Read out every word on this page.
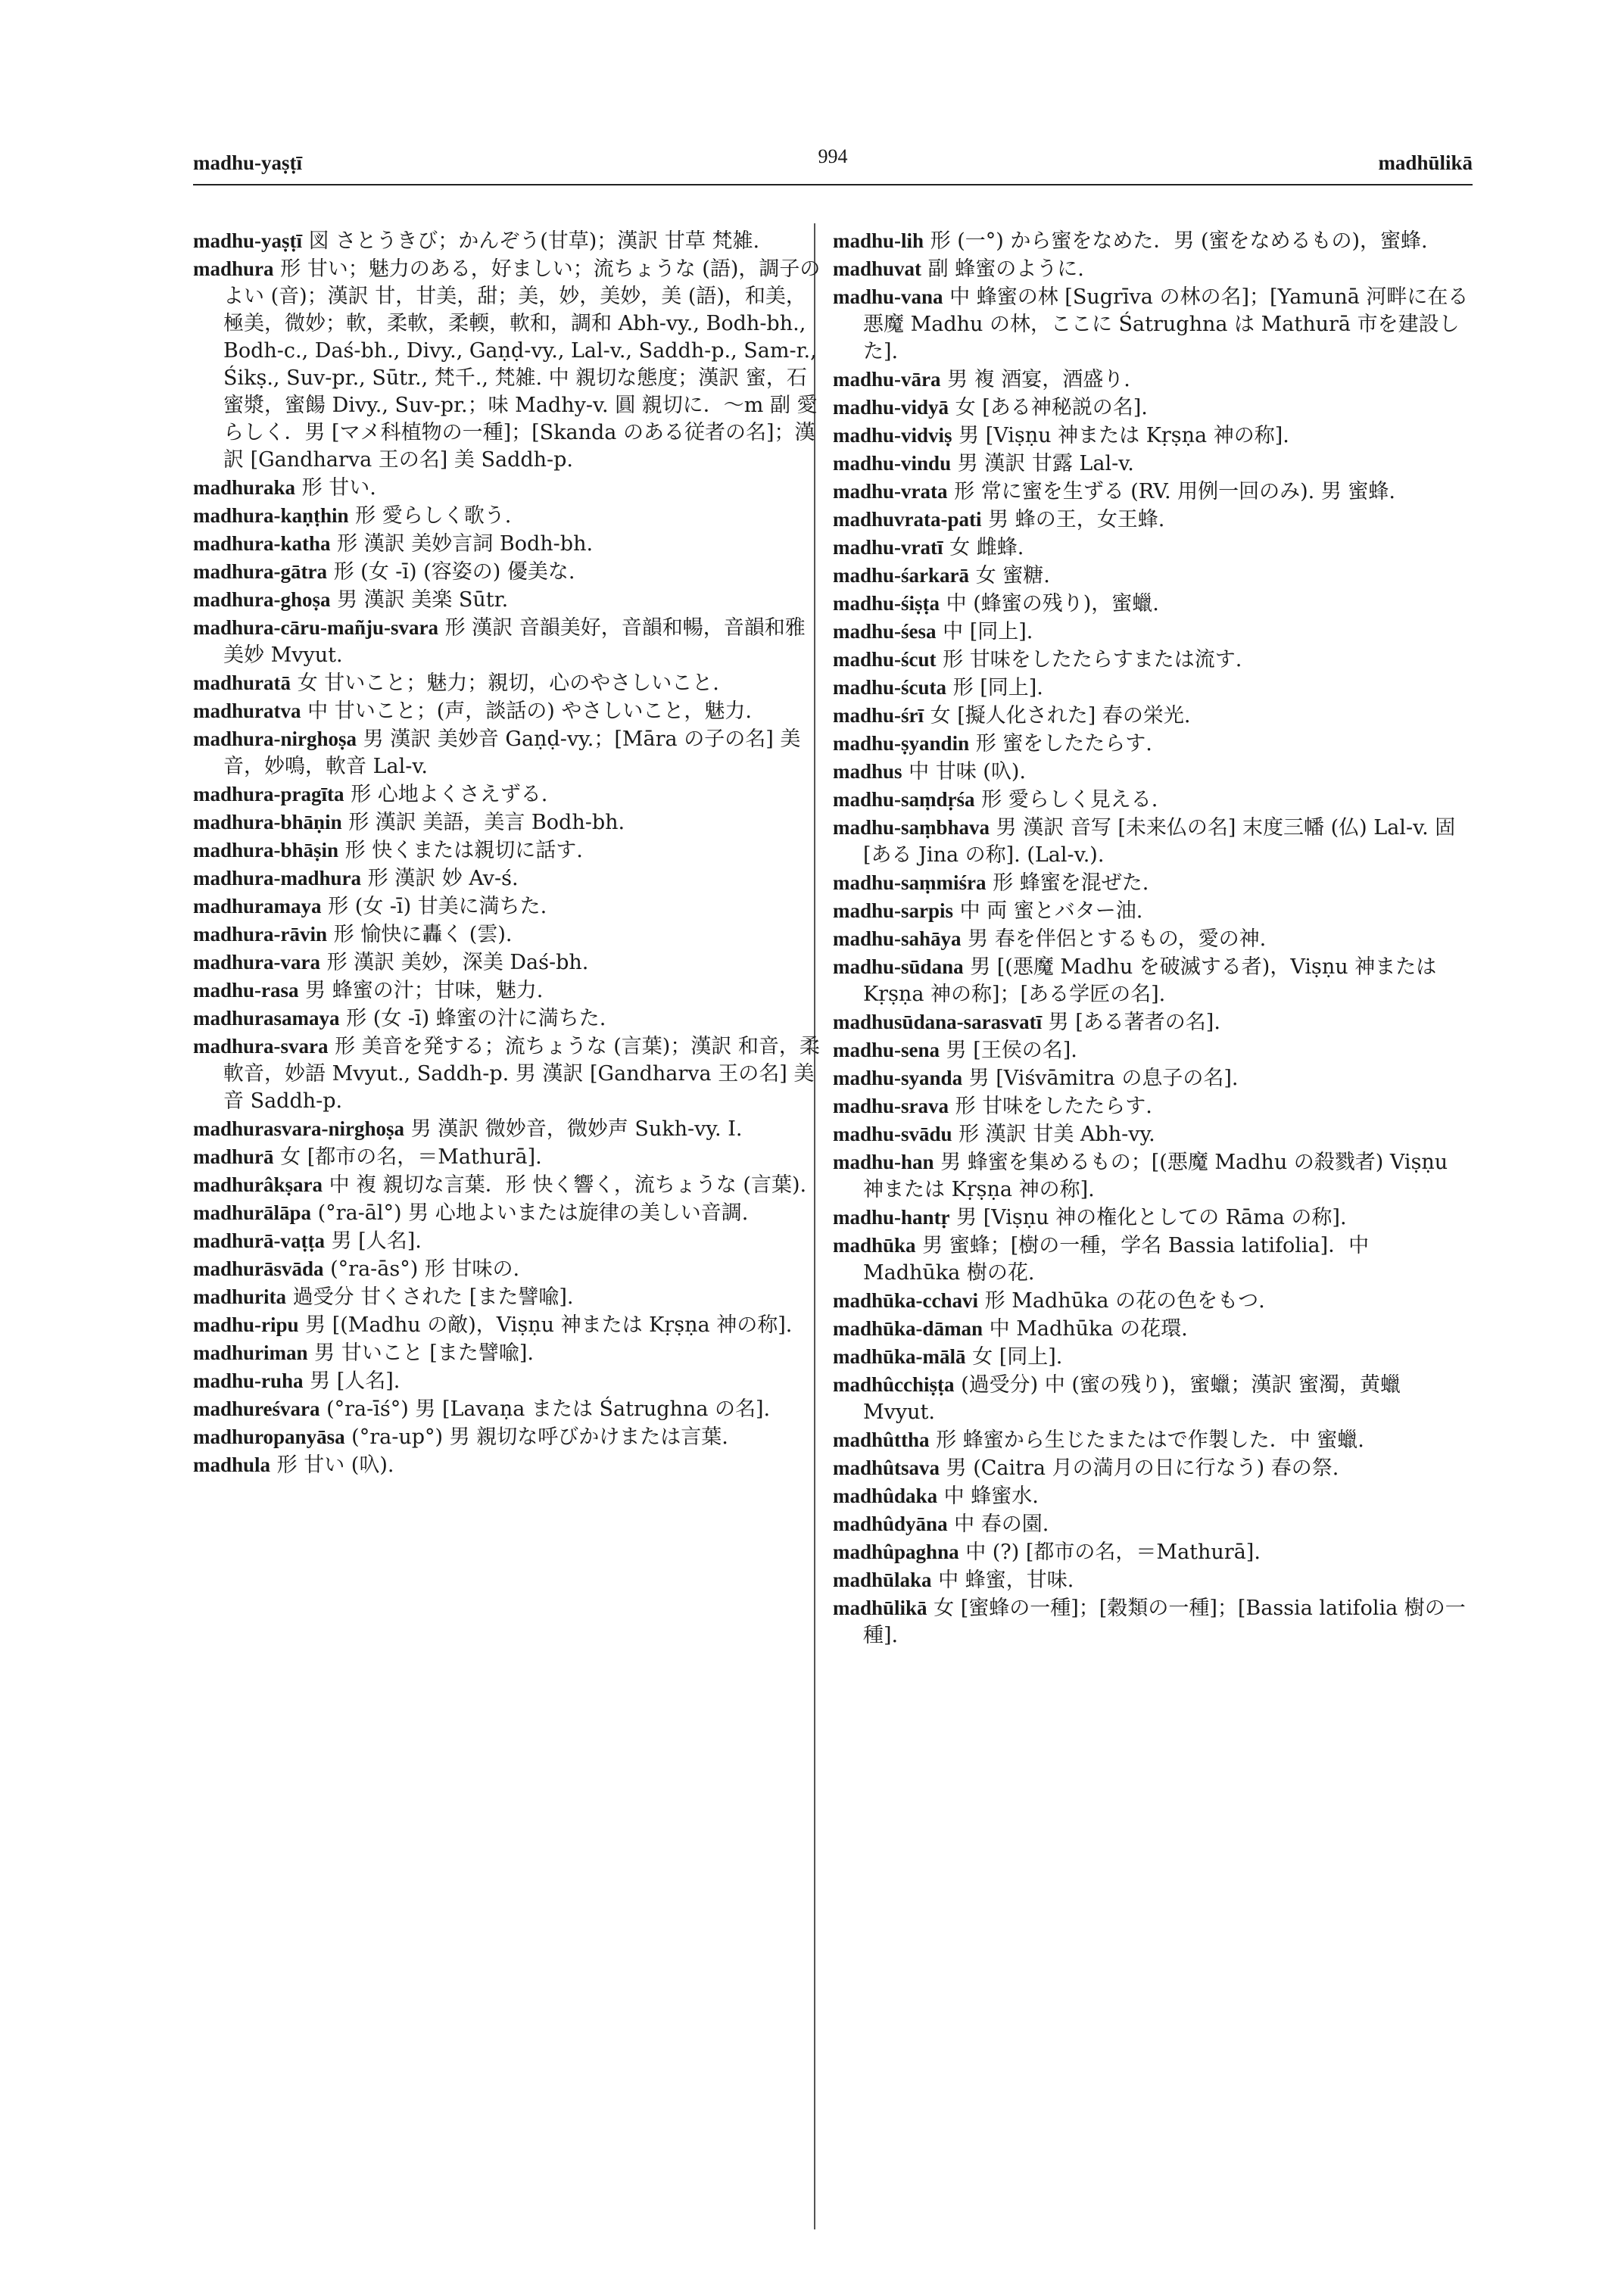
madhu-yaṣṭī	994	madhūlikā

madhu-yaṣṭī 図 さとうきび；かんぞう(甘草)；漢訳 甘草 梵雑.

madhura 形 甘い；魅力のある，好ましい；流ちょうな (語)，調子のよい (音)；漢訳 甘，甘美，甜；美，妙，美妙，美 (語)，和美，極美，微妙；軟，柔軟，柔輭，軟和，調和 Abh-vy., Bodh-bh., Bodh-c., Daś-bh., Divy., Gaṇḍ-vy., Lal-v., Saddh-p., Sam-r., Śikṣ., Suv-pr., Sūtr., 梵千., 梵雑. 中 親切な態度；漢訳 蜜，石蜜漿，蜜餳 Divy., Suv-pr.；味 Madhy-v. 圓 親切に．～m 副 愛らしく．男 [マメ科植物の一種]；[Skanda のある従者の名]；漢訳 [Gandharva 王の名] 美 Saddh-p.

madhuraka 形 甘い.

madhura-kaṇṭhin 形 愛らしく歌う.

madhura-katha 形 漢訳 美妙言詞 Bodh-bh.

madhura-gātra 形 (女 -ī) (容姿の) 優美な.

madhura-ghoṣa 男 漢訳 美楽 Sūtr.

madhura-cāru-mañju-svara 形 漢訳 音韻美好，音韻和暢，音韻和雅美妙 Mvyut.

madhuratā 女 甘いこと；魅力；親切，心のやさしいこと.

madhuratva 中 甘いこと；(声，談話の) やさしいこと，魅力.

madhura-nirghoṣa 男 漢訳 美妙音 Gaṇḍ-vy.；[Māra の子の名] 美音，妙鳴，軟音 Lal-v.

madhura-pragīta 形 心地よくさえずる.

madhura-bhāṇin 形 漢訳 美語，美言 Bodh-bh.

madhura-bhāṣin 形 快くまたは親切に話す.

madhura-madhura 形 漢訳 妙 Av-ś.

madhuramaya 形 (女 -ī) 甘美に満ちた.

madhura-rāvin 形 愉快に轟く (雲).

madhura-vara 形 漢訳 美妙，深美 Daś-bh.

madhu-rasa 男 蜂蜜の汁；甘味，魅力.

madhurasamaya 形 (女 -ī) 蜂蜜の汁に満ちた.

madhura-svara 形 美音を発する；流ちょうな (言葉)；漢訳 和音，柔軟音，妙語 Mvyut., Saddh-p. 男 漢訳 [Gandharva 王の名] 美音 Saddh-p.

madhurasvara-nirghoṣa 男 漢訳 微妙音，微妙声 Sukh-vy. I.

madhurā 女 [都市の名，＝Mathurā].

madhurâkṣara 中 複 親切な言葉．形 快く響く，流ちょうな (言葉).

madhurālāpa (°ra-āl°) 男 心地よいまたは旋律の美しい音調.

madhurā-vaṭṭa 男 [人名].

madhurāsvāda (°ra-ās°) 形 甘味の.

madhurita 過受分 甘くされた [また譬喩].

madhu-ripu 男 [(Madhu の敵)，Viṣṇu 神または Kṛṣṇa 神の称].

madhuriman 男 甘いこと [また譬喩].

madhu-ruha 男 [人名].

madhureśvara (°ra-īś°) 男 [Lavaṇa または Śatrughna の名].

madhuropanyāsa (°ra-up°) 男 親切な呼びかけまたは言葉.

madhula 形 甘い (叺).

madhu-lih 形 (一°) から蜜をなめた．男 (蜜をなめるもの)，蜜蜂.

madhuvat 副 蜂蜜のように.

madhu-vana 中 蜂蜜の林 [Sugrīva の林の名]；[Yamunā 河畔に在る悪魔 Madhu の林，ここに Śatrughna は Mathurā 市を建設した].

madhu-vāra 男 複 酒宴，酒盛り.

madhu-vidyā 女 [ある神秘説の名].

madhu-vidviṣ 男 [Viṣṇu 神または Kṛṣṇa 神の称].

madhu-vindu 男 漢訳 甘露 Lal-v.

madhu-vrata 形 常に蜜を生ずる (RV. 用例一回のみ). 男 蜜蜂.

madhuvrata-pati 男 蜂の王，女王蜂.

madhu-vratī 女 雌蜂.

madhu-śarkarā 女 蜜糖.

madhu-śiṣṭa 中 (蜂蜜の残り)，蜜蠟.

madhu-śesa 中 [同上].

madhu-ścut 形 甘味をしたたらすまたは流す.

madhu-ścuta 形 [同上].

madhu-śrī 女 [擬人化された] 春の栄光.

madhu-ṣyandin 形 蜜をしたたらす.

madhus 中 甘味 (叺).

madhu-saṃdṛśa 形 愛らしく見える.

madhu-saṃbhava 男 漢訳 音写 [未来仏の名] 末度三幡 (仏) Lal-v. 固 [ある Jina の称]. (Lal-v.).

madhu-saṃmiśra 形 蜂蜜を混ぜた.

madhu-sarpis 中 両 蜜とバター油.

madhu-sahāya 男 春を伴侶とするもの，愛の神.

madhu-sūdana 男 [(悪魔 Madhu を破滅する者)，Viṣṇu 神または Kṛṣṇa 神の称]；[ある学匠の名].

madhusūdana-sarasvatī 男 [ある著者の名].

madhu-sena 男 [王侯の名].

madhu-syanda 男 [Viśvāmitra の息子の名].

madhu-srava 形 甘味をしたたらす.

madhu-svādu 形 漢訳 甘美 Abh-vy.

madhu-han 男 蜂蜜を集めるもの；[(悪魔 Madhu の殺戮者) Viṣṇu 神または Kṛṣṇa 神の称].

madhu-hantṛ 男 [Viṣṇu 神の権化としての Rāma の称].

madhūka 男 蜜蜂；[樹の一種，学名 Bassia latifolia]．中 Madhūka 樹の花.

madhūka-cchavi 形 Madhūka の花の色をもつ.

madhūka-dāman 中 Madhūka の花環.

madhūka-mālā 女 [同上].

madhûcchiṣṭa (過受分) 中 (蜜の残り)，蜜蠟；漢訳 蜜濁，黄蠟 Mvyut.

madhûttha 形 蜂蜜から生じたまたはで作製した．中 蜜蠟.

madhûtsava 男 (Caitra 月の満月の日に行なう) 春の祭.

madhûdaka 中 蜂蜜水.

madhûdyāna 中 春の園.

madhûpaghna 中 (?) [都市の名，＝Mathurā].

madhūlaka 中 蜂蜜，甘味.

madhūlikā 女 [蜜蜂の一種]；[穀類の一種]；[Bassia latifolia 樹の一種].
